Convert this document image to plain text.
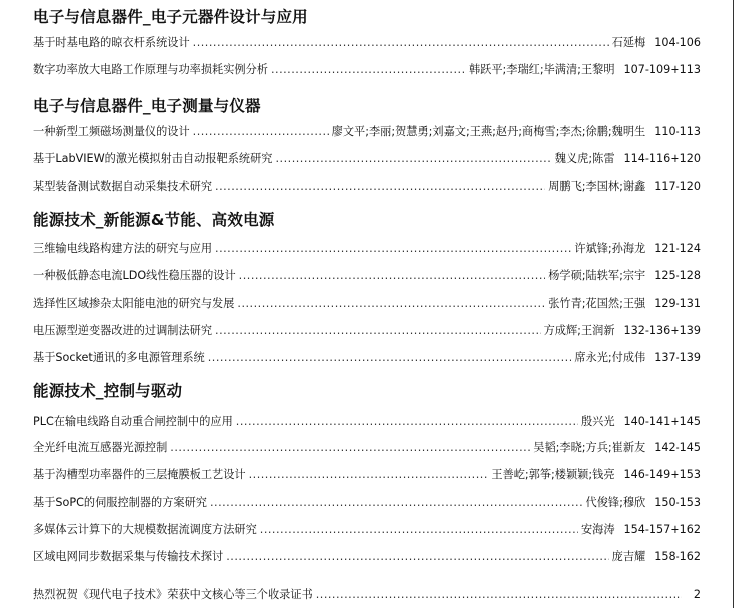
电子与信息器件_电子元器件设计与应用
基于时基电路的晾衣杆系统设计 .....	石延梅 104-106
数字功率放大电路工作原理与功率损耗实例分析 .....	韩跃平;李瑞红;毕满清;王黎明 107-109+113
电子与信息器件_电子测量与仪器
一种新型工频磁场测量仪的设计 .....	廖文平;李丽;贺慧勇;刘嘉文;王燕;赵丹;商梅雪;李杰;徐鹏;魏明生 110-113
基于LabVIEW的激光模拟射击自动报靶系统研究 .....	魏义虎;陈雷 114-116+120
某型装备测试数据自动采集技术研究 .....	周鹏飞;李国林;谢鑫 117-120
能源技术_新能源&节能、高效电源
三维输电线路构建方法的研究与应用 .....	许斌锋;孙海龙 121-124
一种极低静态电流LDO线性稳压器的设计 .....	杨学硕;陆轶军;宗宇 125-128
选择性区域掺杂太阳能电池的研究与发展 .....	张竹青;花国然;王强 129-131
电压源型逆变器改进的过调制法研究 .....	方成辉;王润新 132-136+139
基于Socket通讯的多电源管理系统 .....	席永光;付成伟 137-139
能源技术_控制与驱动
PLC在输电线路自动重合闸控制中的应用 .....	殷兴光 140-141+145
全光纤电流互感器光源控制 .....	吴韬;李晓;方兵;崔新友 142-145
基于沟槽型功率器件的三层掩膜板工艺设计 .....	王善屹;郭筝;楼颖颖;钱亮 146-149+153
基于SoPC的伺服控制器的方案研究 .....	代俊锋;穆欣 150-153
多媒体云计算下的大规模数据流调度方法研究 .....	安海涛 154-157+162
区域电网同步数据采集与传输技术探讨 .....	庞吉耀 158-162
热烈祝贺《现代电子技术》荣获中文核心等三个收录证书 .....	2
